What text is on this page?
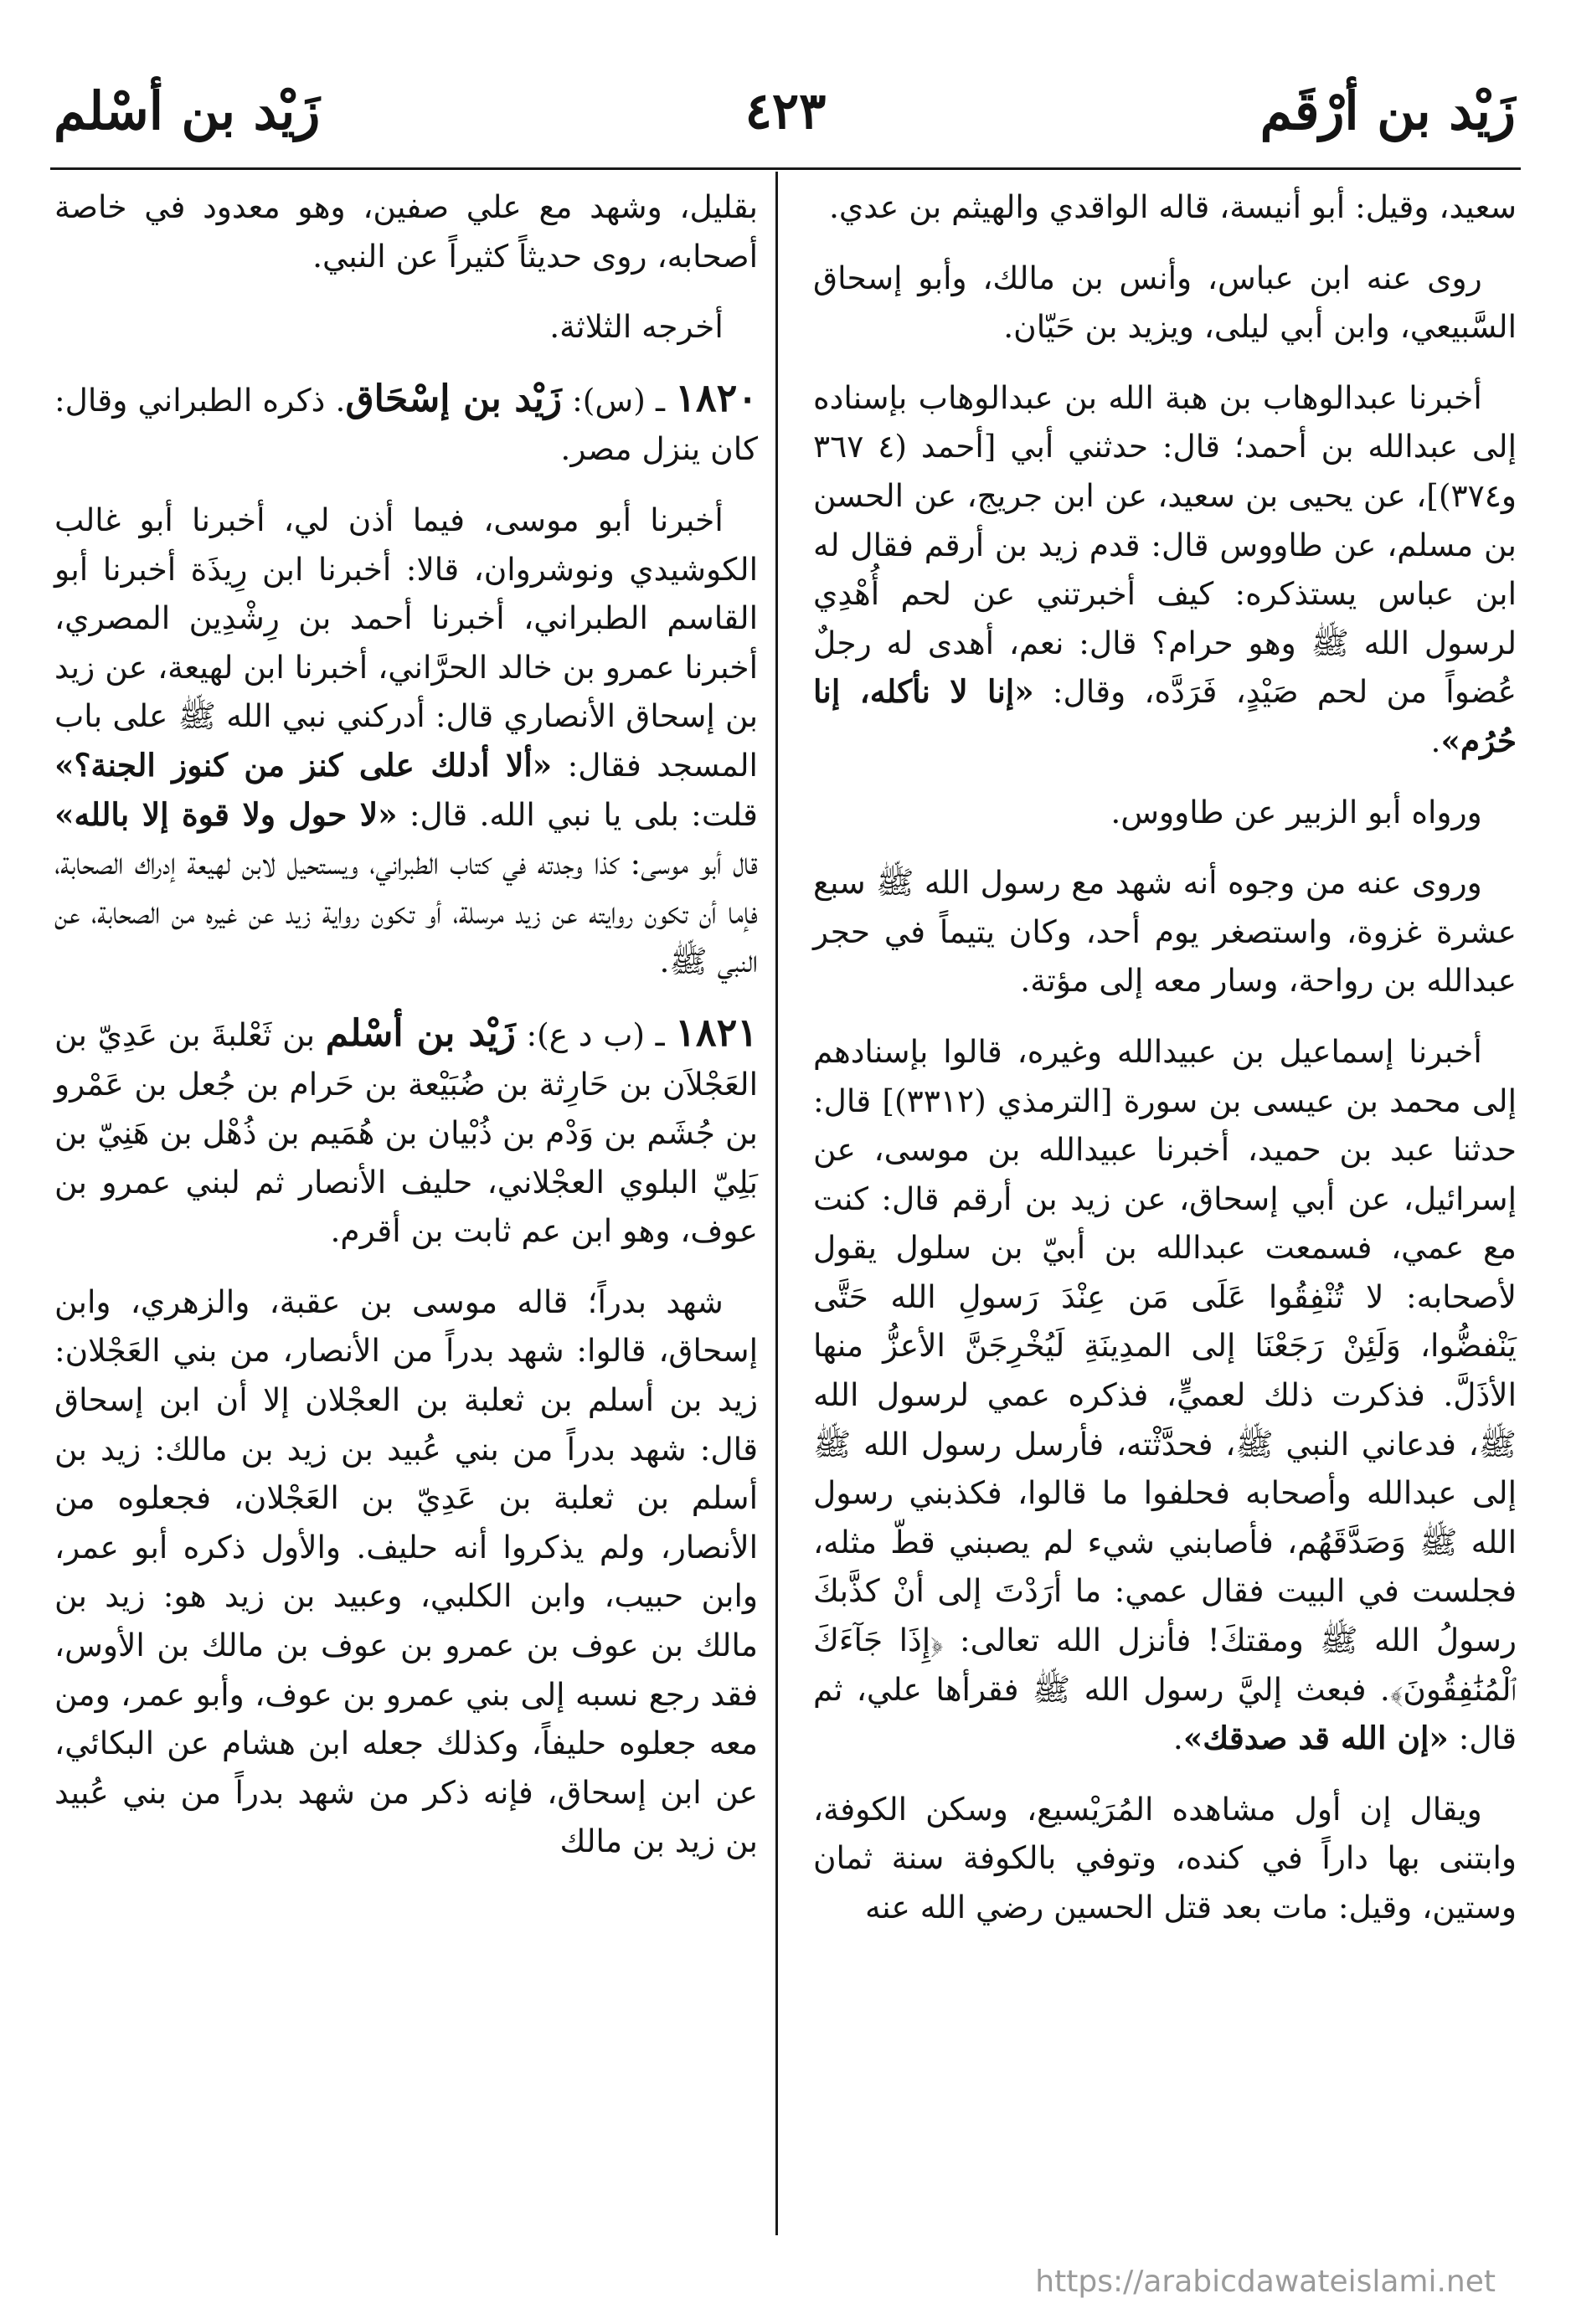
زَيْد بن أرْقَم
٤٢٣
زَيْد بن أسْلم

سعيد، وقيل: أبو أنيسة، قاله الواقدي والهيثم بن عدي.

روى عنه ابن عباس، وأنس بن مالك، وأبو إسحاق السَّبيعي، وابن أبي ليلى، ويزيد بن حَيّان.

أخبرنا عبدالوهاب بن هبة الله بن عبدالوهاب بإسناده إلى عبدالله بن أحمد؛ قال: حدثني أبي [أحمد (٤ ٣٦٧ و٣٧٤)]، عن يحيى بن سعيد، عن ابن جريج، عن الحسن بن مسلم، عن طاووس قال: قدم زيد بن أرقم فقال له ابن عباس يستذكره: كيف أخبرتني عن لحم أُهْدِي لرسول الله ﷺ وهو حرام؟ قال: نعم، أهدى له رجلٌ عُضواً من لحم صَيْدٍ، فَرَدَّه، وقال: «إنا لا نأكله، إنا حُرُم».

ورواه أبو الزبير عن طاووس.

وروى عنه من وجوه أنه شهد مع رسول الله ﷺ سبع عشرة غزوة، واستصغر يوم أحد، وكان يتيماً في حجر عبدالله بن رواحة، وسار معه إلى مؤتة.

أخبرنا إسماعيل بن عبيدالله وغيره، قالوا بإسنادهم إلى محمد بن عيسى بن سورة [الترمذي (٣٣١٢)] قال: حدثنا عبد بن حميد، أخبرنا عبيدالله بن موسى، عن إسرائيل، عن أبي إسحاق، عن زيد بن أرقم قال: كنت مع عمي، فسمعت عبدالله بن أبيّ بن سلول يقول لأصحابه: لا تُنْفِقُوا عَلَى مَن عِنْدَ رَسولِ الله حَتَّى يَنْفضُّوا، وَلَئِنْ رَجَعْنَا إلى المدِينَةِ لَيُخْرِجَنَّ الأعزُّ منها الأذَلَّ. فذكرت ذلك لعميٍّ، فذكره عمي لرسول الله ﷺ، فدعاني النبي ﷺ، فحدَّثْته، فأرسل رسول الله ﷺ إلى عبدالله وأصحابه فحلفوا ما قالوا، فكذبني رسول الله ﷺ وَصَدَّقَهُم، فأصابني شيء لم يصبني قطّ مثله، فجلست في البيت فقال عمي: ما أرَدْتَ إلى أنْ كذَّبكَ رسولُ الله ﷺ ومقتكَ! فأنزل الله تعالى: ﴿إِذَا جَآءَكَ ٱلْمُنَٰفِقُونَ﴾. فبعث إليَّ رسول الله ﷺ فقرأها علي، ثم قال: «إن الله قد صدقك».

ويقال إن أول مشاهده المُرَيْسيع، وسكن الكوفة، وابتنى بها داراً في كنده، وتوفي بالكوفة سنة ثمان وستين، وقيل: مات بعد قتل الحسين رضي الله عنه

بقليل، وشهد مع علي صفين، وهو معدود في خاصة أصحابه، روى حديثاً كثيراً عن النبي.

أخرجه الثلاثة.

١٨٢٠ ـ (س): زَيْد بن إسْحَاق. ذكره الطبراني وقال: كان ينزل مصر.

أخبرنا أبو موسى، فيما أذن لي، أخبرنا أبو غالب الكوشيدي ونوشروان، قالا: أخبرنا ابن رِيذَة أخبرنا أبو القاسم الطبراني، أخبرنا أحمد بن رِشْدِين المصري، أخبرنا عمرو بن خالد الحرَّاني، أخبرنا ابن لهيعة، عن زيد بن إسحاق الأنصاري قال: أدركني نبي الله ﷺ على باب المسجد فقال: «ألا أدلك على كنز من كنوز الجنة؟» قلت: بلى يا نبي الله. قال: «لا حول ولا قوة إلا بالله» قال أبو موسى: كذا وجدته في كتاب الطبراني، ويستحيل لابن لهيعة إدراك الصحابة، فإما أن تكون روايته عن زيد مرسلة، أو تكون رواية زيد عن غيره من الصحابة، عن النبي ﷺ.

١٨٢١ ـ (ب د ع): زَيْد بن أسْلم بن ثَعْلبةَ بن عَدِيّ بن العَجْلاَن بن حَارِثة بن ضُبَيْعة بن حَرام بن جُعل بن عَمْرو بن جُشَم بن وَدْم بن ذُبْيان بن هُمَيم بن ذُهْل بن هَنِيّ بن بَلِيّ البلوي العجْلاني، حليف الأنصار ثم لبني عمرو بن عوف، وهو ابن عم ثابت بن أقرم.

شهد بدراً؛ قاله موسى بن عقبة، والزهري، وابن إسحاق، قالوا: شهد بدراً من الأنصار، من بني العَجْلان: زيد بن أسلم بن ثعلبة بن العجْلان إلا أن ابن إسحاق قال: شهد بدراً من بني عُبيد بن زيد بن مالك: زيد بن أسلم بن ثعلبة بن عَدِيّ بن العَجْلان، فجعلوه من الأنصار، ولم يذكروا أنه حليف. والأول ذكره أبو عمر، وابن حبيب، وابن الكلبي، وعبيد بن زيد هو: زيد بن مالك بن عوف بن عمرو بن عوف بن مالك بن الأوس، فقد رجع نسبه إلى بني عمرو بن عوف، وأبو عمر، ومن معه جعلوه حليفاً، وكذلك جعله ابن هشام عن البكائي، عن ابن إسحاق، فإنه ذكر من شهد بدراً من بني عُبيد بن زيد بن مالك

https://arabicdawateislami.net
